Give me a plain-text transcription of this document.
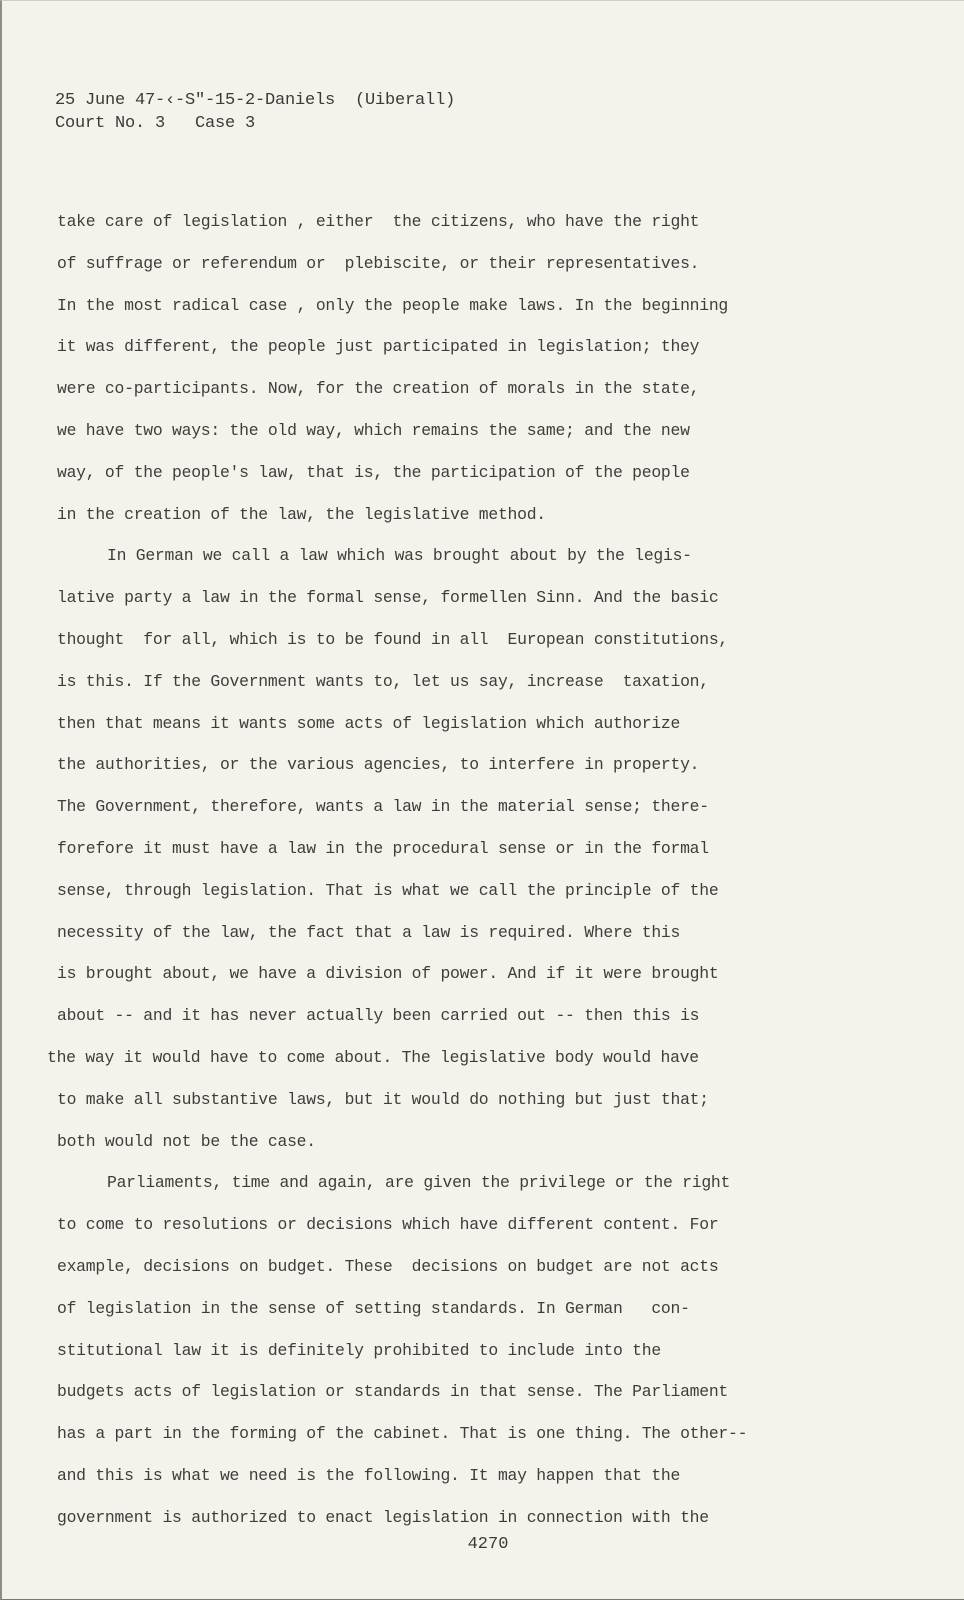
25 June 47-‹-S″-15-2-Daniels  (Uiberall)
Court No. 3   Case 3
take care of legislation , either  the citizens, who have the right
of suffrage or referendum or  plebiscite, or their representatives.
In the most radical case , only the people make laws. In the beginning
it was different, the people just participated in legislation; they
were co-participants. Now, for the creation of morals in the state,
we have two ways: the old way, which remains the same; and the new
way, of the people's law, that is, the participation of the people
in the creation of the law, the legislative method.
In German we call a law which was brought about by the legis-
lative party a law in the formal sense, formellen Sinn. And the basic
thought  for all, which is to be found in all  European constitutions,
is this. If the Government wants to, let us say, increase  taxation,
then that means it wants some acts of legislation which authorize
the authorities, or the various agencies, to interfere in property.
The Government, therefore, wants a law in the material sense; there-
forefore it must have a law in the procedural sense or in the formal
sense, through legislation. That is what we call the principle of the
necessity of the law, the fact that a law is required. Where this
is brought about, we have a division of power. And if it were brought
about -- and it has never actually been carried out -- then this is
the way it would have to come about. The legislative body would have
to make all substantive laws, but it would do nothing but just that;
both would not be the case.
Parliaments, time and again, are given the privilege or the right
to come to resolutions or decisions which have different content. For
example, decisions on budget. These  decisions on budget are not acts
of legislation in the sense of setting standards. In German   con-
stitutional law it is definitely prohibited to include into the
budgets acts of legislation or standards in that sense. The Parliament
has a part in the forming of the cabinet. That is one thing. The other--
and this is what we need is the following. It may happen that the
government is authorized to enact legislation in connection with the
4270
